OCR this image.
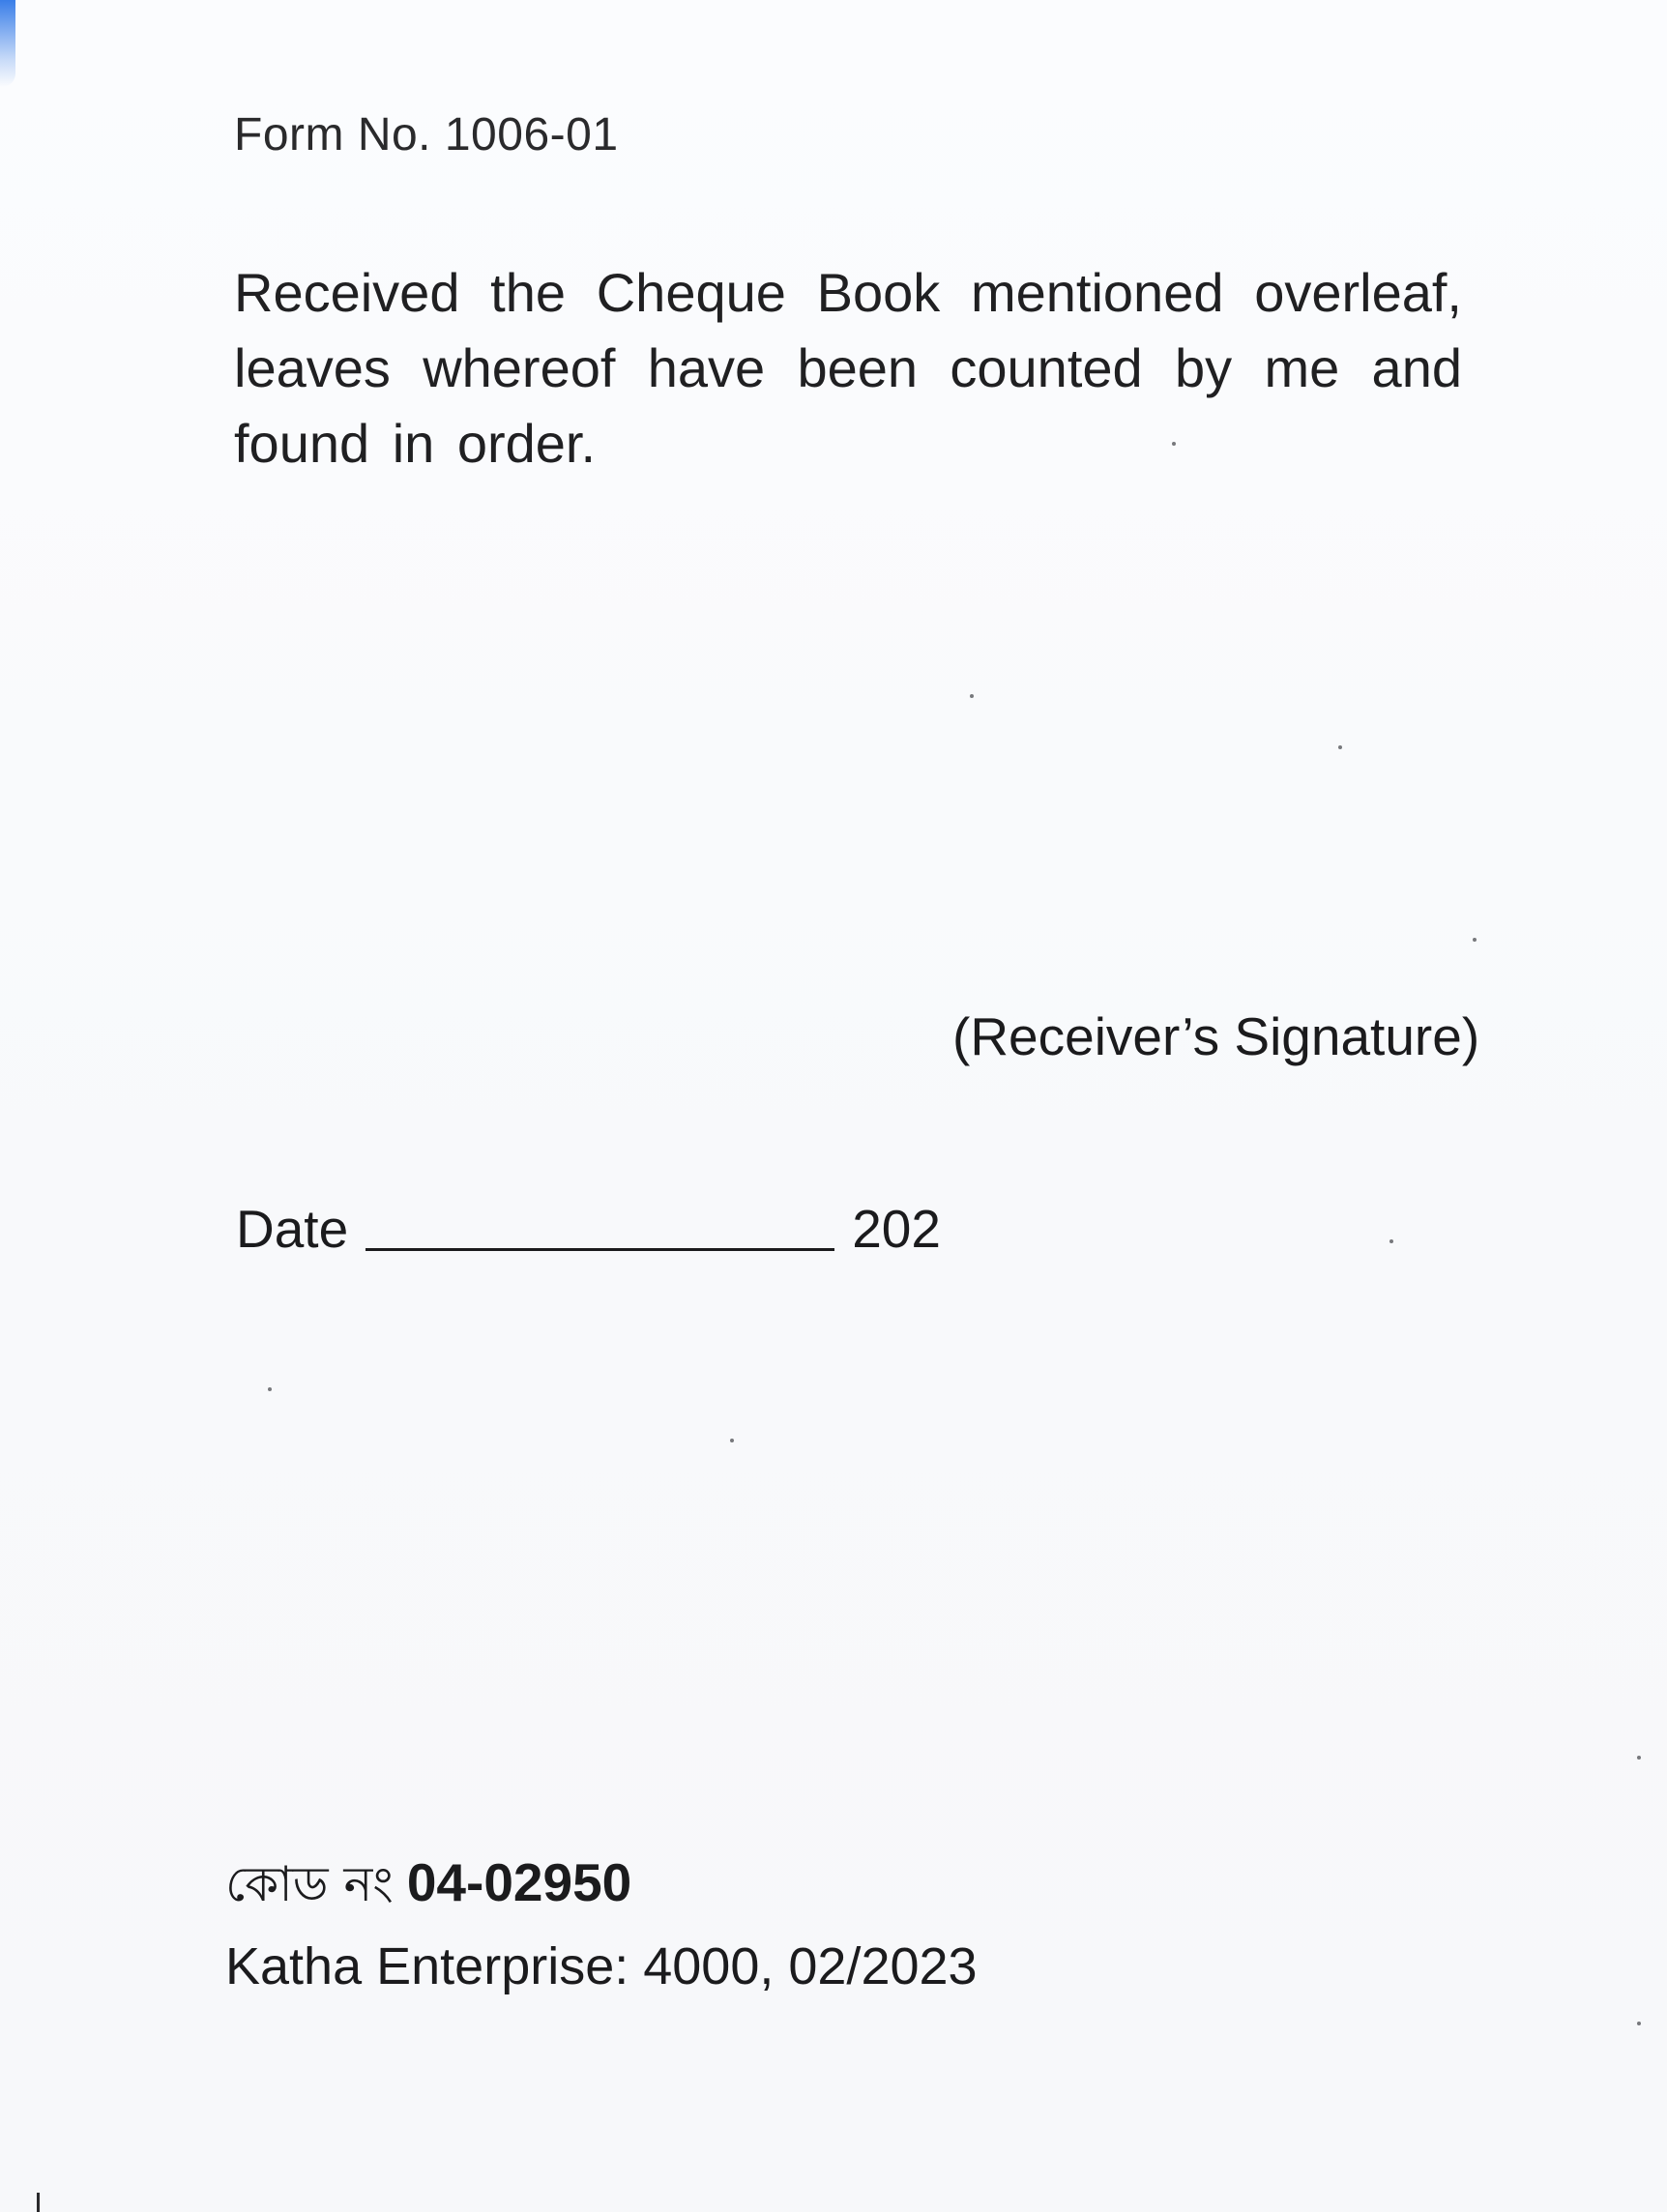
Form No. 1006-01
Received the Cheque Book mentioned overleaf, leaves whereof have been counted by me and found in order.
(Receiver’s Signature)
Date	202
কোড নং 04-02950
Katha Enterprise: 4000, 02/2023
